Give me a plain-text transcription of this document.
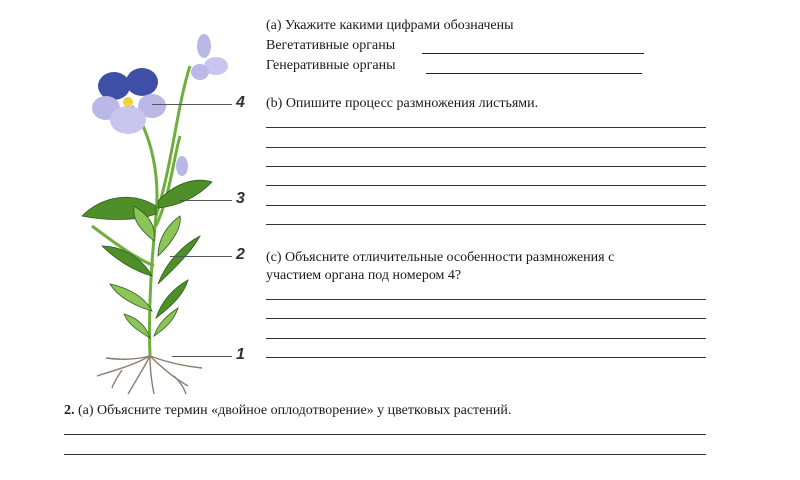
4
3
2
1
(a) Укажите какими цифрами обозначены
Вегетативные органы
Генеративные органы
(b) Опишите процесс размножения листьями.
(c) Объясните отличительные особенности размножения с
участием органа под номером 4?
2. (a) Объясните термин «двойное оплодотворение» у цветковых растений.
